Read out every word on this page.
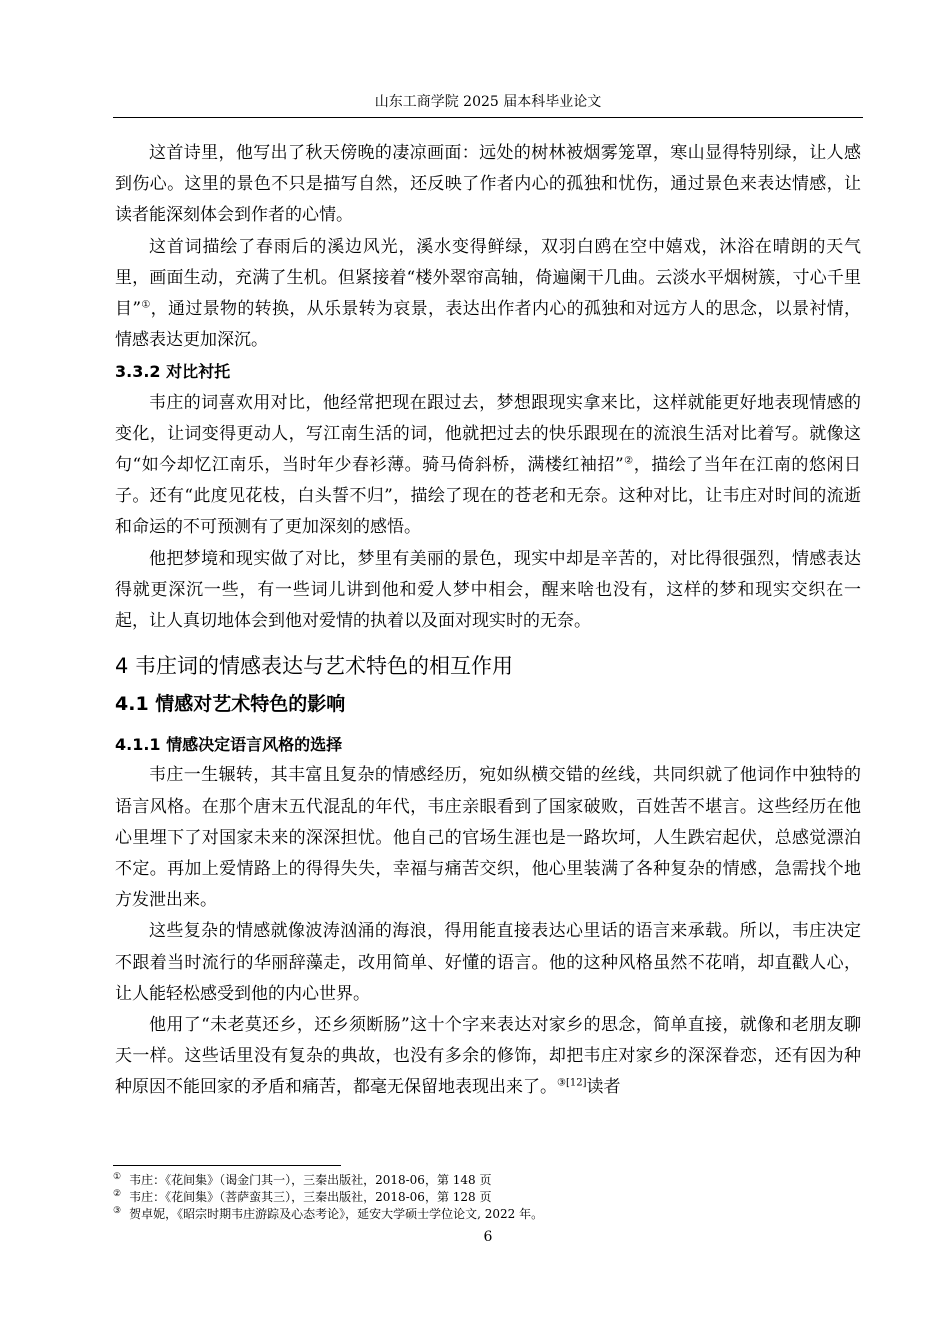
山东工商学院 2025 届本科毕业论文

这首诗里，他写出了秋天傍晚的凄凉画面：远处的树林被烟雾笼罩，寒山显得特别绿，让人感到伤心。这里的景色不只是描写自然，还反映了作者内心的孤独和忧伤，通过景色来表达情感，让读者能深刻体会到作者的心情。

这首词描绘了春雨后的溪边风光，溪水变得鲜绿，双羽白鸥在空中嬉戏，沐浴在晴朗的天气里，画面生动，充满了生机。但紧接着“楼外翠帘高轴，倚遍阑干几曲。云淡水平烟树簇，寸心千里目”①，通过景物的转换，从乐景转为哀景，表达出作者内心的孤独和对远方人的思念，以景衬情，情感表达更加深沉。

3.3.2 对比衬托

韦庄的词喜欢用对比，他经常把现在跟过去，梦想跟现实拿来比，这样就能更好地表现情感的变化，让词变得更动人，写江南生活的词，他就把过去的快乐跟现在的流浪生活对比着写。就像这句“如今却忆江南乐，当时年少春衫薄。骑马倚斜桥，满楼红袖招”②，描绘了当年在江南的悠闲日子。还有“此度见花枝，白头誓不归”，描绘了现在的苍老和无奈。这种对比，让韦庄对时间的流逝和命运的不可预测有了更加深刻的感悟。

他把梦境和现实做了对比，梦里有美丽的景色，现实中却是辛苦的，对比得很强烈，情感表达得就更深沉一些，有一些词儿讲到他和爱人梦中相会，醒来啥也没有，这样的梦和现实交织在一起，让人真切地体会到他对爱情的执着以及面对现实时的无奈。

4 韦庄词的情感表达与艺术特色的相互作用
4.1 情感对艺术特色的影响
4.1.1 情感决定语言风格的选择

韦庄一生辗转，其丰富且复杂的情感经历，宛如纵横交错的丝线，共同织就了他词作中独特的语言风格。在那个唐末五代混乱的年代，韦庄亲眼看到了国家破败，百姓苦不堪言。这些经历在他心里埋下了对国家未来的深深担忧。他自己的官场生涯也是一路坎坷，人生跌宕起伏，总感觉漂泊不定。再加上爱情路上的得得失失，幸福与痛苦交织，他心里装满了各种复杂的情感，急需找个地方发泄出来。

这些复杂的情感就像波涛汹涌的海浪，得用能直接表达心里话的语言来承载。所以，韦庄决定不跟着当时流行的华丽辞藻走，改用简单、好懂的语言。他的这种风格虽然不花哨，却直戳人心，让人能轻松感受到他的内心世界。

他用了“未老莫还乡，还乡须断肠”这十个字来表达对家乡的思念，简单直接，就像和老朋友聊天一样。这些话里没有复杂的典故，也没有多余的修饰，却把韦庄对家乡的深深眷恋，还有因为种种原因不能回家的矛盾和痛苦，都毫无保留地表现出来了。$^{③[12]}$读者

① 韦庄：《花间集》（谒金门其一），三秦出版社，2018-06，第 148 页
② 韦庄：《花间集》（菩萨蛮其三），三秦出版社，2018-06，第 128 页
③ 贺卓妮，《昭宗时期韦庄游踪及心态考论》，延安大学硕士学位论文, 2022 年。
6
